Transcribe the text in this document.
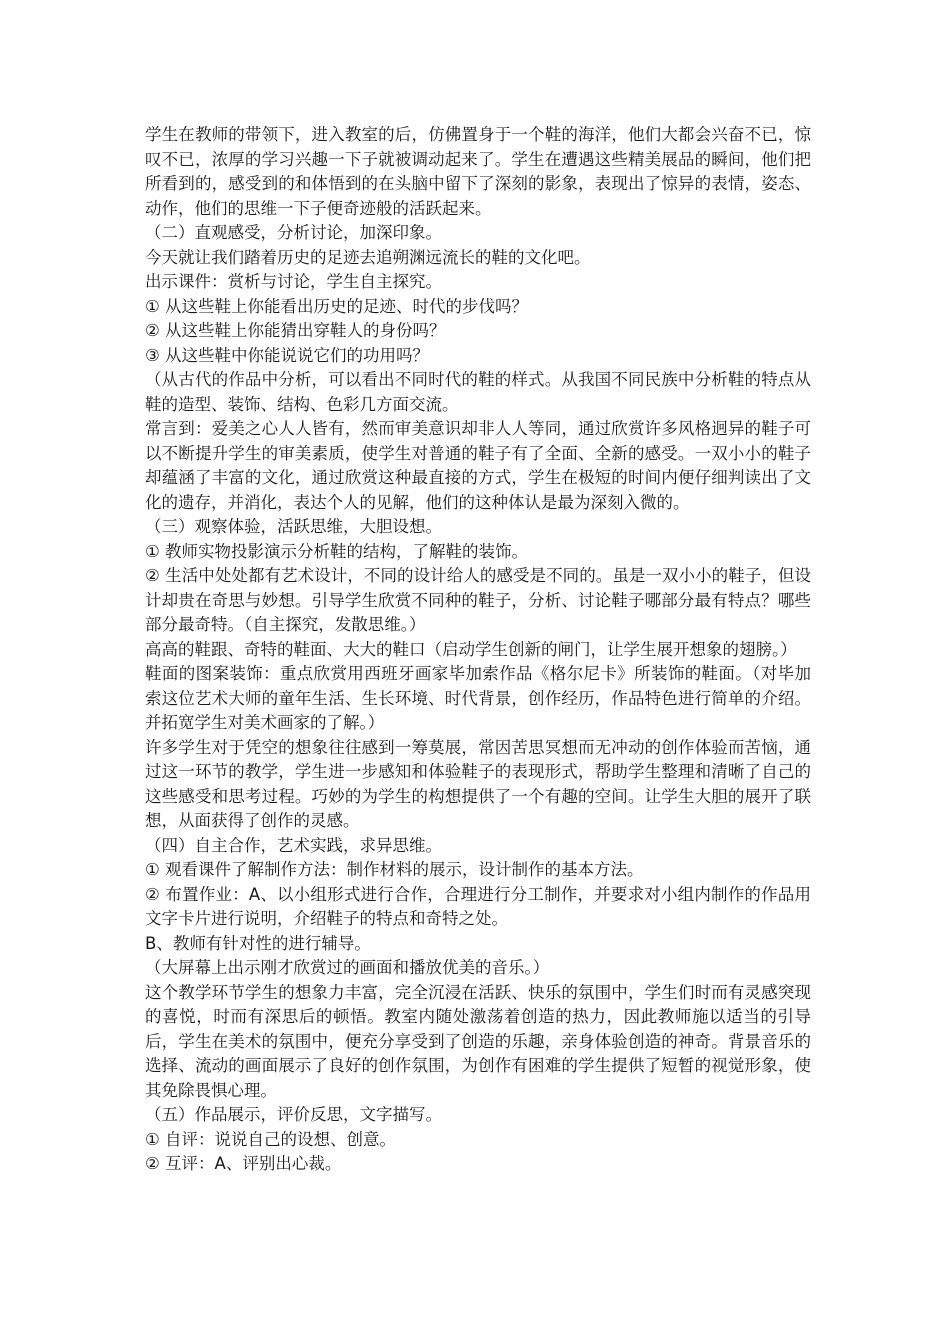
学生在教师的带领下，进入教室的后，仿佛置身于一个鞋的海洋，他们大都会兴奋不已，惊叹不已，浓厚的学习兴趣一下子就被调动起来了。学生在遭遇这些精美展品的瞬间，他们把所看到的，感受到的和体悟到的在头脑中留下了深刻的影象，表现出了惊异的表情，姿态、动作，他们的思维一下子便奇迹般的活跃起来。

（二）直观感受，分析讨论，加深印象。

今天就让我们踏着历史的足迹去追朔渊远流长的鞋的文化吧。

出示课件：赏析与讨论，学生自主探究。

① 从这些鞋上你能看出历史的足迹、时代的步伐吗？

② 从这些鞋上你能猜出穿鞋人的身份吗？

③ 从这些鞋中你能说说它们的功用吗？

（从古代的作品中分析，可以看出不同时代的鞋的样式。从我国不同民族中分析鞋的特点从鞋的造型、装饰、结构、色彩几方面交流。

常言到：爱美之心人人皆有，然而审美意识却非人人等同，通过欣赏许多风格迥异的鞋子可以不断提升学生的审美素质，使学生对普通的鞋子有了全面、全新的感受。一双小小的鞋子却蕴涵了丰富的文化，通过欣赏这种最直接的方式，学生在极短的时间内便仔细判读出了文化的遗存，并消化，表达个人的见解，他们的这种体认是最为深刻入微的。

（三）观察体验，活跃思维，大胆设想。

① 教师实物投影演示分析鞋的结构，了解鞋的装饰。

② 生活中处处都有艺术设计，不同的设计给人的感受是不同的。虽是一双小小的鞋子，但设计却贵在奇思与妙想。引导学生欣赏不同种的鞋子，分析、讨论鞋子哪部分最有特点？哪些部分最奇特。（自主探究，发散思维。）

高高的鞋跟、奇特的鞋面、大大的鞋口（启动学生创新的闸门，让学生展开想象的翅膀。）

鞋面的图案装饰：重点欣赏用西班牙画家毕加索作品《格尔尼卡》所装饰的鞋面。（对毕加索这位艺术大师的童年生活、生长环境、时代背景，创作经历，作品特色进行简单的介绍。并拓宽学生对美术画家的了解。）

许多学生对于凭空的想象往往感到一筹莫展，常因苦思冥想而无冲动的创作体验而苦恼，通过这一环节的教学，学生进一步感知和体验鞋子的表现形式，帮助学生整理和清晰了自己的这些感受和思考过程。巧妙的为学生的构想提供了一个有趣的空间。让学生大胆的展开了联想，从面获得了创作的灵感。

（四）自主合作，艺术实践，求异思维。

① 观看课件了解制作方法：制作材料的展示，设计制作的基本方法。

② 布置作业：A、以小组形式进行合作，合理进行分工制作，并要求对小组内制作的作品用文字卡片进行说明，介绍鞋子的特点和奇特之处。

B、教师有针对性的进行辅导。

（大屏幕上出示刚才欣赏过的画面和播放优美的音乐。）

这个教学环节学生的想象力丰富，完全沉浸在活跃、快乐的氛围中，学生们时而有灵感突现的喜悦，时而有深思后的顿悟。教室内随处激荡着创造的热力，因此教师施以适当的引导后，学生在美术的氛围中，便充分享受到了创造的乐趣，亲身体验创造的神奇。背景音乐的选择、流动的画面展示了良好的创作氛围，为创作有困难的学生提供了短暂的视觉形象，使其免除畏惧心理。

（五）作品展示，评价反思，文字描写。

① 自评：说说自己的设想、创意。

② 互评：A、评别出心裁。
